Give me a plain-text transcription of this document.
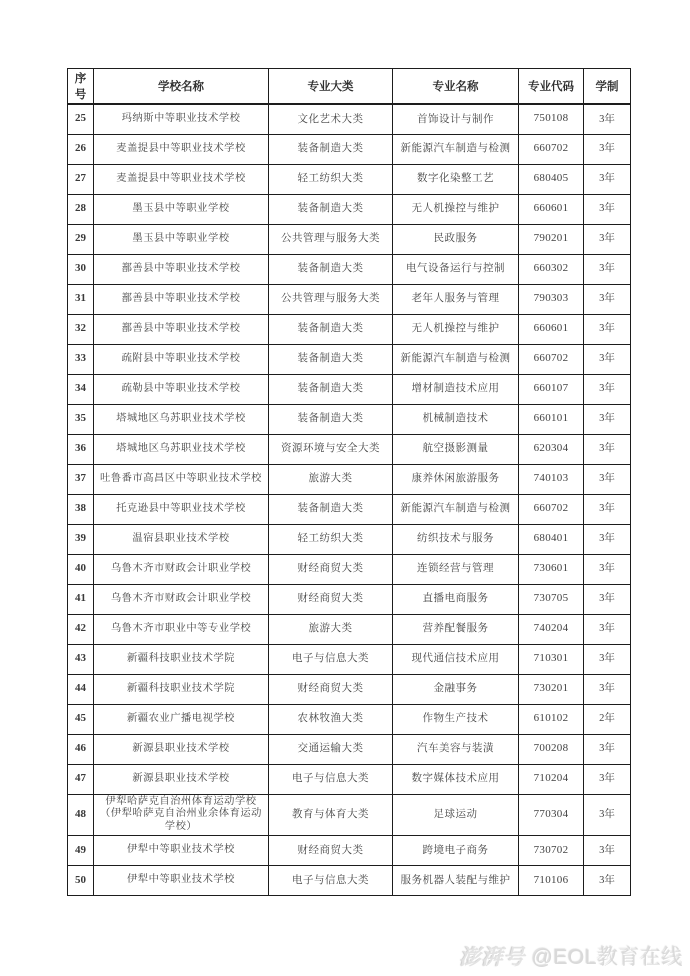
序号	学校名称	专业大类	专业名称	专业代码	学制
25	玛纳斯中等职业技术学校	文化艺术大类	首饰设计与制作	750108	3年
26	麦盖提县中等职业技术学校	装备制造大类	新能源汽车制造与检测	660702	3年
27	麦盖提县中等职业技术学校	轻工纺织大类	数字化染整工艺	680405	3年
28	墨玉县中等职业学校	装备制造大类	无人机操控与维护	660601	3年
29	墨玉县中等职业学校	公共管理与服务大类	民政服务	790201	3年
30	鄯善县中等职业技术学校	装备制造大类	电气设备运行与控制	660302	3年
31	鄯善县中等职业技术学校	公共管理与服务大类	老年人服务与管理	790303	3年
32	鄯善县中等职业技术学校	装备制造大类	无人机操控与维护	660601	3年
33	疏附县中等职业技术学校	装备制造大类	新能源汽车制造与检测	660702	3年
34	疏勒县中等职业技术学校	装备制造大类	增材制造技术应用	660107	3年
35	塔城地区乌苏职业技术学校	装备制造大类	机械制造技术	660101	3年
36	塔城地区乌苏职业技术学校	资源环境与安全大类	航空摄影测量	620304	3年
37	吐鲁番市高昌区中等职业技术学校	旅游大类	康养休闲旅游服务	740103	3年
38	托克逊县中等职业技术学校	装备制造大类	新能源汽车制造与检测	660702	3年
39	温宿县职业技术学校	轻工纺织大类	纺织技术与服务	680401	3年
40	乌鲁木齐市财政会计职业学校	财经商贸大类	连锁经营与管理	730601	3年
41	乌鲁木齐市财政会计职业学校	财经商贸大类	直播电商服务	730705	3年
42	乌鲁木齐市职业中等专业学校	旅游大类	营养配餐服务	740204	3年
43	新疆科技职业技术学院	电子与信息大类	现代通信技术应用	710301	3年
44	新疆科技职业技术学院	财经商贸大类	金融事务	730201	3年
45	新疆农业广播电视学校	农林牧渔大类	作物生产技术	610102	2年
46	新源县职业技术学校	交通运输大类	汽车美容与装潢	700208	3年
47	新源县职业技术学校	电子与信息大类	数字媒体技术应用	710204	3年
48	伊犁哈萨克自治州体育运动学校（伊犁哈萨克自治州业余体育运动学校）	教育与体育大类	足球运动	770304	3年
49	伊犁中等职业技术学校	财经商贸大类	跨境电子商务	730702	3年
50	伊犁中等职业技术学校	电子与信息大类	服务机器人装配与维护	710106	3年
澎湃号 @EOL教育在线
